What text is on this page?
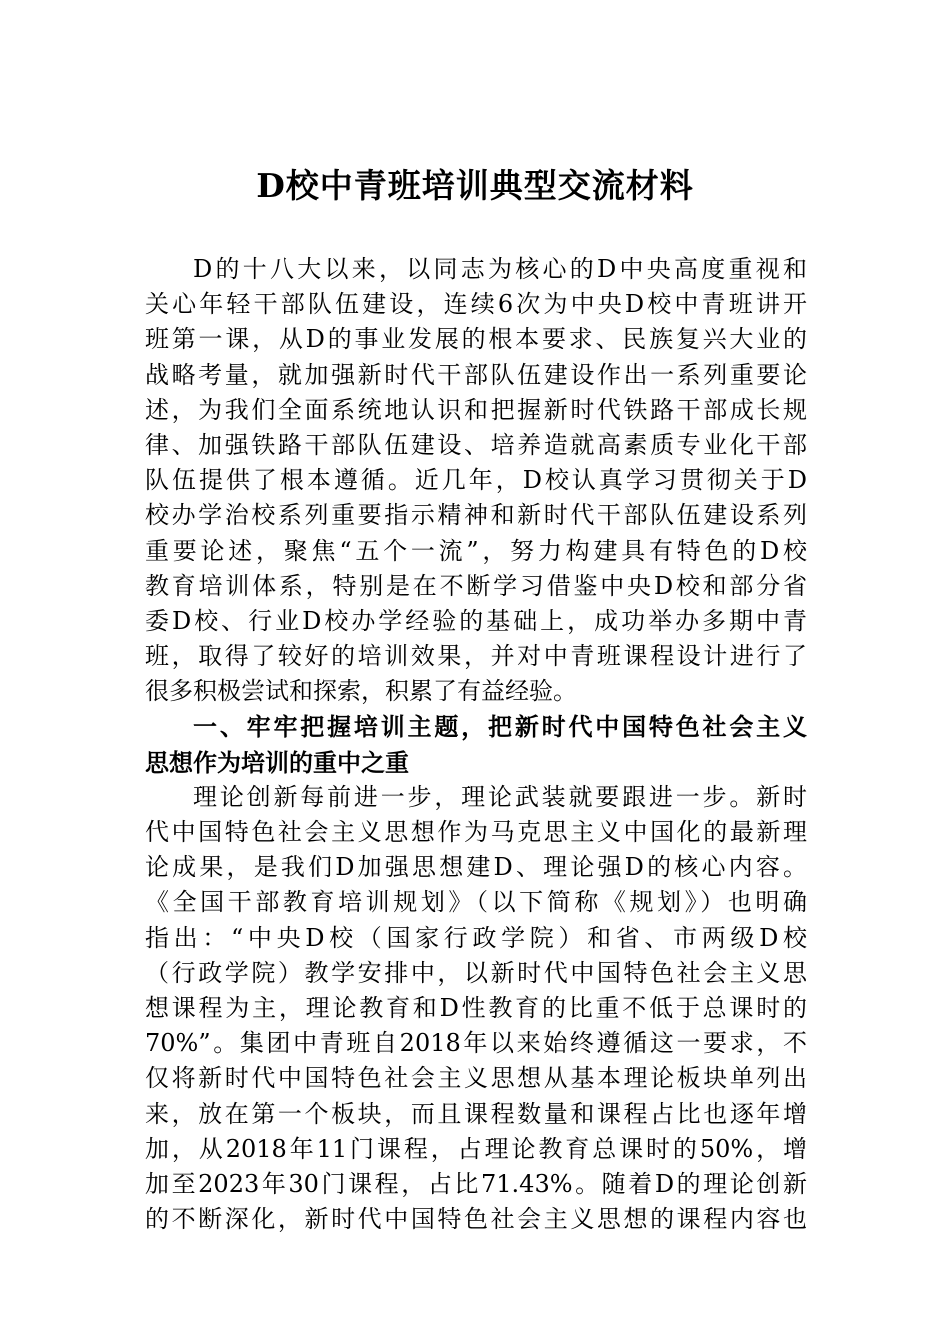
D校中青班培训典型交流材料
D的十八大以来，以同志为核心的D中央高度重视和
关心年轻干部队伍建设，连续6次为中央D校中青班讲开
班第一课，从D的事业发展的根本要求、民族复兴大业的
战略考量，就加强新时代干部队伍建设作出一系列重要论
述，为我们全面系统地认识和把握新时代铁路干部成长规
律、加强铁路干部队伍建设、培养造就高素质专业化干部
队伍提供了根本遵循。近几年，D校认真学习贯彻关于D
校办学治校系列重要指示精神和新时代干部队伍建设系列
重要论述，聚焦“五个一流”，努力构建具有特色的D校
教育培训体系，特别是在不断学习借鉴中央D校和部分省
委D校、行业D校办学经验的基础上，成功举办多期中青
班，取得了较好的培训效果，并对中青班课程设计进行了
很多积极尝试和探索，积累了有益经验。
一、牢牢把握培训主题，把新时代中国特色社会主义
思想作为培训的重中之重
理论创新每前进一步，理论武装就要跟进一步。新时
代中国特色社会主义思想作为马克思主义中国化的最新理
论成果，是我们D加强思想建D、理论强D的核心内容。
《全国干部教育培训规划》（以下简称《规划》）也明确
指出：“中央D校（国家行政学院）和省、市两级D校
（行政学院）教学安排中，以新时代中国特色社会主义思
想课程为主，理论教育和D性教育的比重不低于总课时的
70%”。集团中青班自2018年以来始终遵循这一要求，不
仅将新时代中国特色社会主义思想从基本理论板块单列出
来，放在第一个板块，而且课程数量和课程占比也逐年增
加，从2018年11门课程，占理论教育总课时的50%，增
加至2023年30门课程，占比71.43%。随着D的理论创新
的不断深化，新时代中国特色社会主义思想的课程内容也
